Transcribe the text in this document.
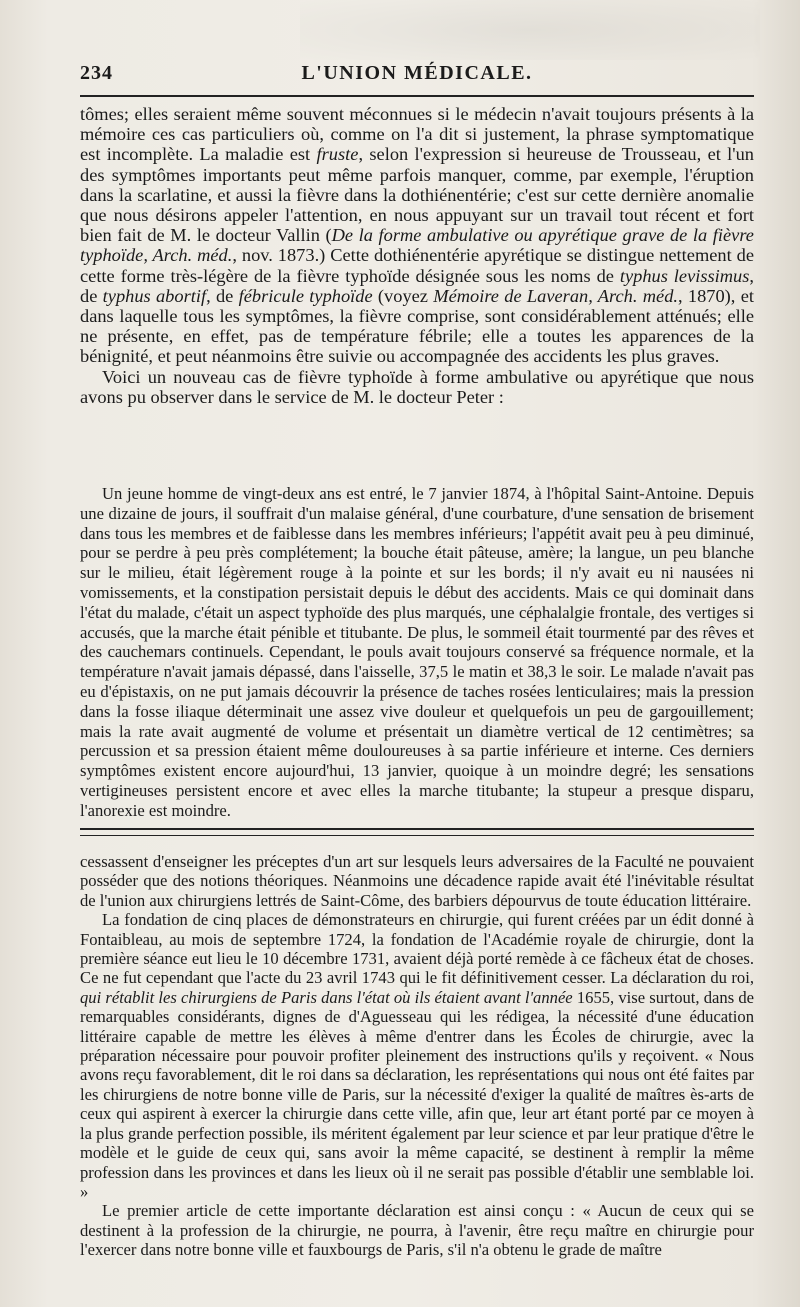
234	L'UNION MÉDICALE.

tômes; elles seraient même souvent méconnues si le médecin n'avait toujours présents à la mémoire ces cas particuliers où, comme on l'a dit si justement, la phrase symptomatique est incomplète. La maladie est fruste, selon l'expression si heureuse de Trousseau, et l'un des symptômes importants peut même parfois manquer, comme, par exemple, l'éruption dans la scarlatine, et aussi la fièvre dans la dothiénentérie; c'est sur cette dernière anomalie que nous désirons appeler l'attention, en nous appuyant sur un travail tout récent et fort bien fait de M. le docteur Vallin (De la forme ambulative ou apyrétique grave de la fièvre typhoïde, Arch. méd., nov. 1873.) Cette dothiénentérie apyrétique se distingue nettement de cette forme très-légère de la fièvre typhoïde désignée sous les noms de typhus levissimus, de typhus abortif, de fébricule typhoïde (voyez Mémoire de Laveran, Arch. méd., 1870), et dans laquelle tous les symptômes, la fièvre comprise, sont considérablement atténués; elle ne présente, en effet, pas de température fébrile; elle a toutes les apparences de la bénignité, et peut néanmoins être suivie ou accompagnée des accidents les plus graves.

Voici un nouveau cas de fièvre typhoïde à forme ambulative ou apyrétique que nous avons pu observer dans le service de M. le docteur Peter :

Un jeune homme de vingt-deux ans est entré, le 7 janvier 1874, à l'hôpital Saint-Antoine. Depuis une dizaine de jours, il souffrait d'un malaise général, d'une courbature, d'une sensation de brisement dans tous les membres et de faiblesse dans les membres inférieurs; l'appétit avait peu à peu diminué, pour se perdre à peu près complétement; la bouche était pâteuse, amère; la langue, un peu blanche sur le milieu, était légèrement rouge à la pointe et sur les bords; il n'y avait eu ni nausées ni vomissements, et la constipation persistait depuis le début des accidents. Mais ce qui dominait dans l'état du malade, c'était un aspect typhoïde des plus marqués, une céphalalgie frontale, des vertiges si accusés, que la marche était pénible et titubante. De plus, le sommeil était tourmenté par des rêves et des cauchemars continuels. Cependant, le pouls avait toujours conservé sa fréquence normale, et la température n'avait jamais dépassé, dans l'aisselle, 37,5 le matin et 38,3 le soir. Le malade n'avait pas eu d'épistaxis, on ne put jamais découvrir la présence de taches rosées lenticulaires; mais la pression dans la fosse iliaque déterminait une assez vive douleur et quelquefois un peu de gargouillement; mais la rate avait augmenté de volume et présentait un diamètre vertical de 12 centimètres; sa percussion et sa pression étaient même douloureuses à sa partie inférieure et interne. Ces derniers symptômes existent encore aujourd'hui, 13 janvier, quoique à un moindre degré; les sensations vertigineuses persistent encore et avec elles la marche titubante; la stupeur a presque disparu, l'anorexie est moindre.

cessassent d'enseigner les préceptes d'un art sur lesquels leurs adversaires de la Faculté ne pouvaient posséder que des notions théoriques. Néanmoins une décadence rapide avait été l'inévitable résultat de l'union aux chirurgiens lettrés de Saint-Côme, des barbiers dépourvus de toute éducation littéraire.

La fondation de cinq places de démonstrateurs en chirurgie, qui furent créées par un édit donné à Fontaibleau, au mois de septembre 1724, la fondation de l'Académie royale de chirurgie, dont la première séance eut lieu le 10 décembre 1731, avaient déjà porté remède à ce fâcheux état de choses. Ce ne fut cependant que l'acte du 23 avril 1743 qui le fit définitivement cesser. La déclaration du roi, qui rétablit les chirurgiens de Paris dans l'état où ils étaient avant l'année 1655, vise surtout, dans de remarquables considérants, dignes de d'Aguesseau qui les rédigea, la nécessité d'une éducation littéraire capable de mettre les élèves à même d'entrer dans les Écoles de chirurgie, avec la préparation nécessaire pour pouvoir profiter pleinement des instructions qu'ils y reçoivent. « Nous avons reçu favorablement, dit le roi dans sa déclaration, les représentations qui nous ont été faites par les chirurgiens de notre bonne ville de Paris, sur la nécessité d'exiger la qualité de maîtres ès-arts de ceux qui aspirent à exercer la chirurgie dans cette ville, afin que, leur art étant porté par ce moyen à la plus grande perfection possible, ils méritent également par leur science et par leur pratique d'être le modèle et le guide de ceux qui, sans avoir la même capacité, se destinent à remplir la même profession dans les provinces et dans les lieux où il ne serait pas possible d'établir une semblable loi. »

Le premier article de cette importante déclaration est ainsi conçu : « Aucun de ceux qui se destinent à la profession de la chirurgie, ne pourra, à l'avenir, être reçu maître en chirurgie pour l'exercer dans notre bonne ville et fauxbourgs de Paris, s'il n'a obtenu le grade de maître
